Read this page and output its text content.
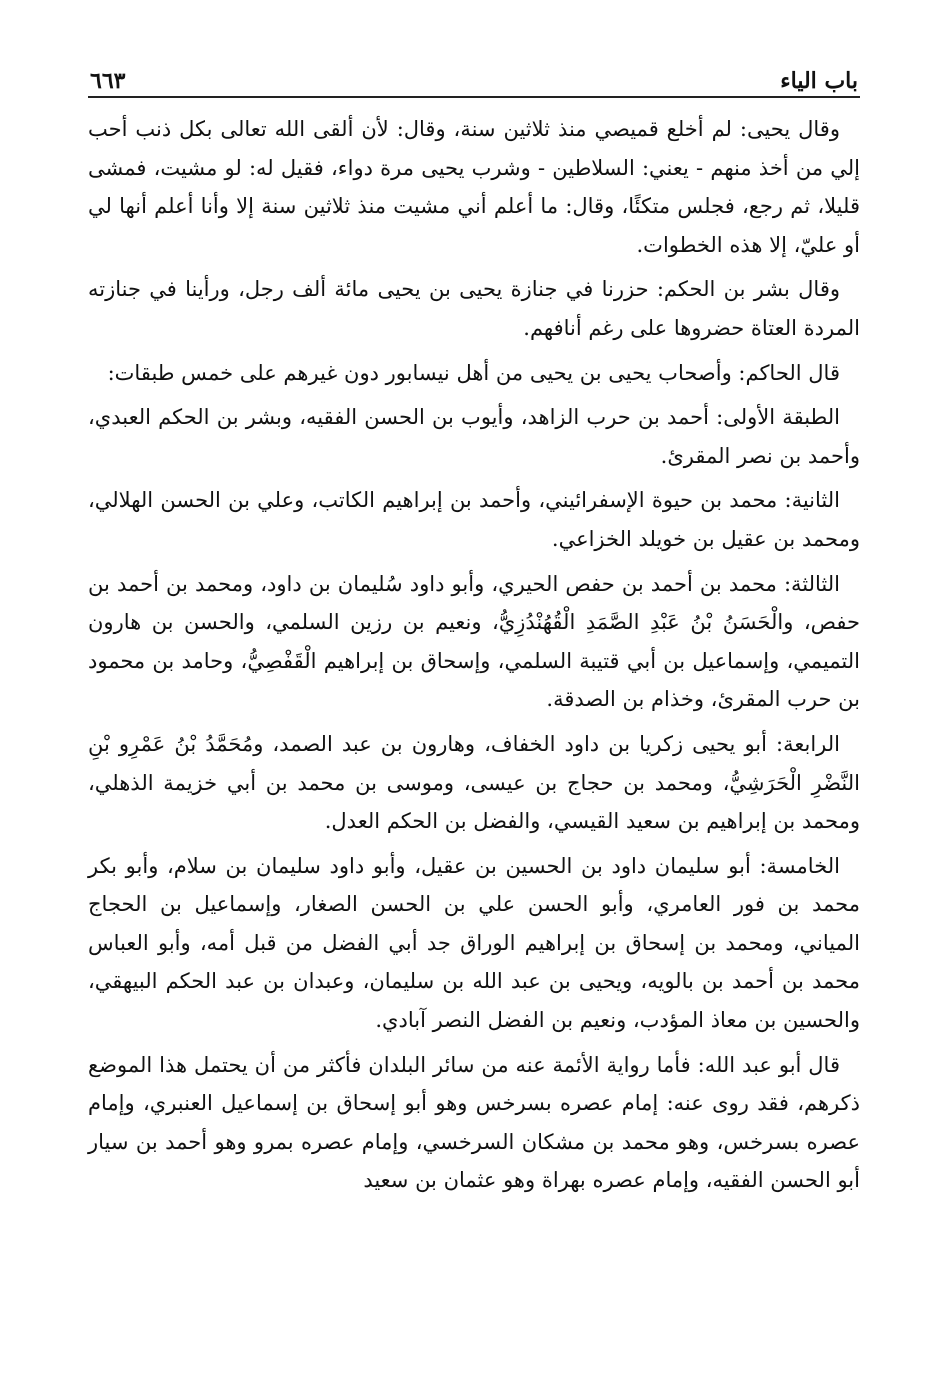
باب الياء
٦٦٣

وقال يحيى: لم أخلع قميصي منذ ثلاثين سنة، وقال: لأن ألقى الله تعالى بكل ذنب أحب إلي من أخذ منهم - يعني: السلاطين - وشرب يحيى مرة دواء، فقيل له: لو مشيت، فمشى قليلا، ثم رجع، فجلس متكئًا، وقال: ما أعلم أني مشيت منذ ثلاثين سنة إلا وأنا أعلم أنها لي أو عليّ، إلا هذه الخطوات.

وقال بشر بن الحكم: حزرنا في جنازة يحيى بن يحيى مائة ألف رجل، ورأينا في جنازته المردة العتاة حضروها على رغم أنافهم.

قال الحاكم: وأصحاب يحيى بن يحيى من أهل نيسابور دون غيرهم على خمس طبقات:

الطبقة الأولى: أحمد بن حرب الزاهد، وأيوب بن الحسن الفقيه، وبشر بن الحكم العبدي، وأحمد بن نصر المقرئ.

الثانية: محمد بن حيوة الإسفرائيني، وأحمد بن إبراهيم الكاتب، وعلي بن الحسن الهلالي، ومحمد بن عقيل بن خويلد الخزاعي.

الثالثة: محمد بن أحمد بن حفص الحيري، وأبو داود سُليمان بن داود، ومحمد بن أحمد بن حفص، والْحَسَنُ بْنُ عَبْدِ الصَّمَدِ الْقُهُنْدُزِيُّ، ونعيم بن رزين السلمي، والحسن بن هارون التميمي، وإسماعيل بن أبي قتيبة السلمي، وإسحاق بن إبراهيم الْقَفْصِيُّ، وحامد بن محمود بن حرب المقرئ، وخذام بن الصدقة.

الرابعة: أبو يحيى زكريا بن داود الخفاف، وهارون بن عبد الصمد، ومُحَمَّدُ بْنُ عَمْرِو بْنِ النَّضْرِ الْحَرَشِيُّ، ومحمد بن حجاج بن عيسى، وموسى بن محمد بن أبي خزيمة الذهلي، ومحمد بن إبراهيم بن سعيد القيسي، والفضل بن الحكم العدل.

الخامسة: أبو سليمان داود بن الحسين بن عقيل، وأبو داود سليمان بن سلام، وأبو بكر محمد بن فور العامري، وأبو الحسن علي بن الحسن الصغار، وإسماعيل بن الحجاج المياني، ومحمد بن إسحاق بن إبراهيم الوراق جد أبي الفضل من قبل أمه، وأبو العباس محمد بن أحمد بن بالويه، ويحيى بن عبد الله بن سليمان، وعبدان بن عبد الحكم البيهقي، والحسين بن معاذ المؤدب، ونعيم بن الفضل النصر آبادي.

قال أبو عبد الله: فأما رواية الأئمة عنه من سائر البلدان فأكثر من أن يحتمل هذا الموضع ذكرهم، فقد روى عنه: إمام عصره بسرخس وهو أبو إسحاق بن إسماعيل العنبري، وإمام عصره بسرخس، وهو محمد بن مشكان السرخسي، وإمام عصره بمرو وهو أحمد بن سيار أبو الحسن الفقيه، وإمام عصره بهراة وهو عثمان بن سعيد
